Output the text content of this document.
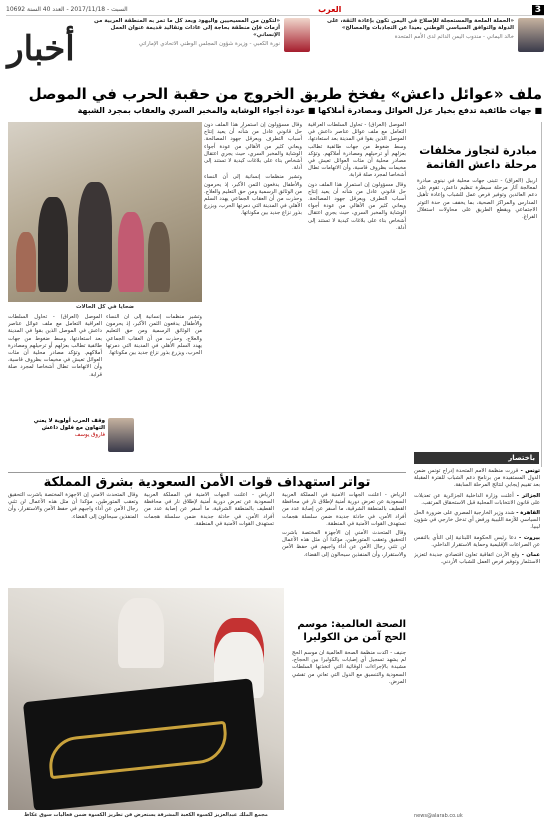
3
العرب
السبت - 2017/11/18 - العدد 40 السنة 10692
«الحملة الملحة والمستعجلة للإصلاح في اليمن تكون بإعادة الثقة، على الدولة والتوافق السياسي الوطني بعيدا عن التجاذبات والمصالح»
خالد اليماني - مندوب اليمن الدائم لدى الأمم المتحدة
«لتكون من المسيحيين واليهود وبعد كل ما تمر به المنطقة العربية من أزمات فإن منطقة بحاجة إلى عادات وتقاليد قديمة عنوان العمل الإنساني»
نورة الكعبي - وزيرة شؤون المجلس الوطني الاتحادي الإماراتي
أخبار
ملف «عوائل داعش» يفخخ طريق الخروج من حقبة الحرب في الموصل
■ جهات طائفية تدفع بخيار عزل العوائل ومصادرة أملاكها ■ عودة أجواء الوشاية والمخبر السري والعقاب بمجرد الشبهة

الموصل (العراق) - تحاول السلطات العراقية التعامل مع ملف عوائل عناصر داعش في الموصل الذين بقوا في المدينة بعد استعادتها، وسط ضغوط من جهات طائفية تطالب بعزلهم أو ترحيلهم ومصادرة أملاكهم. وتؤكد مصادر محلية أن مئات العوائل تعيش في مخيمات بظروف قاسية، وأن الاتهامات تطال أشخاصا لمجرد صلة قرابة.

وقال مسؤولون إن استمرار هذا الملف دون حل قانوني عادل من شأنه أن يعيد إنتاج أسباب التطرف ويعرقل جهود المصالحة. ويعاني كثير من الأهالي من عودة أجواء الوشاية والمخبر السري، حيث يجري اعتقال أشخاص بناء على بلاغات كيدية لا تستند إلى أدلة.

وقال مسؤولون إن استمرار هذا الملف دون حل قانوني عادل من شأنه أن يعيد إنتاج أسباب التطرف ويعرقل جهود المصالحة. ويعاني كثير من الأهالي من عودة أجواء الوشاية والمخبر السري، حيث يجري اعتقال أشخاص بناء على بلاغات كيدية لا تستند إلى أدلة.

وتشير منظمات إنسانية إلى أن النساء والأطفال يدفعون الثمن الأكبر، إذ يحرمون من الوثائق الرسمية ومن حق التعليم والعلاج. وحذرت من أن العقاب الجماعي يهدد السلم الأهلي في المدينة التي دمرتها الحرب، ويزرع بذور نزاع جديد بين مكوناتها.

ضحايا في كل الحالات

وتشير منظمات إنسانية إلى أن النساء والأطفال يدفعون الثمن الأكبر، إذ يحرمون من الوثائق الرسمية ومن حق التعليم والعلاج. وحذرت من أن العقاب الجماعي يهدد السلم الأهلي في المدينة التي دمرتها الحرب، ويزرع بذور نزاع جديد بين مكوناتها.

الموصل (العراق) - تحاول السلطات العراقية التعامل مع ملف عوائل عناصر داعش في الموصل الذين بقوا في المدينة بعد استعادتها، وسط ضغوط من جهات طائفية تطالب بعزلهم أو ترحيلهم ومصادرة أملاكهم. وتؤكد مصادر محلية أن مئات العوائل تعيش في مخيمات بظروف قاسية، وأن الاتهامات تطال أشخاصا لمجرد صلة قرابة.

مبادرة لتجاوز مخلفات مرحلة داعش القاتمة

أربيل (العراق) - تتبنى جهات محلية في نينوى مبادرة لمعالجة آثار مرحلة سيطرة تنظيم داعش، تقوم على دعم العائدين وتوفير فرص عمل للشباب وإعادة تأهيل المدارس والمراكز الصحية، بما يخفف من حدة التوتر الاجتماعي ويقطع الطريق على محاولات استغلال الفراغ.

باختصار
وقف الحرب أولوية لا يعني التهاون مع فلول داعش
فاروق يوسف
تواتر استهداف قوات الأمن السعودية بشرق المملكة

وقال المتحدث الأمني إن الأجهزة المختصة باشرت التحقيق وتعقب المتورطين، مؤكدا أن مثل هذه الأعمال لن تثني رجال الأمن عن أداء واجبهم في حفظ الأمن والاستقرار، وأن المنفذين سيحالون إلى القضاء.

الرياض - أعلنت الجهات الأمنية في المملكة العربية السعودية عن تعرض دورية أمنية لإطلاق نار في محافظة القطيف بالمنطقة الشرقية، ما أسفر عن إصابة عدد من أفراد الأمن، في حادثة جديدة ضمن سلسلة هجمات تستهدف القوات الأمنية في المنطقة.

الرياض - أعلنت الجهات الأمنية في المملكة العربية السعودية عن تعرض دورية أمنية لإطلاق نار في محافظة القطيف بالمنطقة الشرقية، ما أسفر عن إصابة عدد من أفراد الأمن، في حادثة جديدة ضمن سلسلة هجمات تستهدف القوات الأمنية في المنطقة.

وقال المتحدث الأمني إن الأجهزة المختصة باشرت التحقيق وتعقب المتورطين، مؤكدا أن مثل هذه الأعمال لن تثني رجال الأمن عن أداء واجبهم في حفظ الأمن والاستقرار، وأن المنفذين سيحالون إلى القضاء.

مجمع الملك عبدالعزيز لكسوة الكعبة المشرفة يستعرض فن تطريز الكسوة ضمن فعاليات سوق عكاظ
الصحة العالمية: موسم الحج آمن من الكوليرا

جنيف - أكدت منظمة الصحة العالمية أن موسم الحج لم يشهد تسجيل أي إصابات بالكوليرا بين الحجاج، مشيدة بالإجراءات الوقائية التي اتخذتها السلطات السعودية والتنسيق مع الدول التي تعاني من تفشي المرض.

تونس - قررت منظمة الأمم المتحدة إدراج تونس ضمن الدول المستفيدة من برنامج دعم الشباب للفترة المقبلة بعد تقييم إيجابي لنتائج المرحلة السابقة.

الجزائر - أعلنت وزارة الداخلية الجزائرية عن تعديلات على قانون الانتخابات المحلية قبل الاستحقاق المرتقب.

القاهرة - شدد وزير الخارجية المصري على ضرورة الحل السياسي للأزمة الليبية ورفض أي تدخل خارجي في شؤون ليبيا.

بيروت - دعا رئيس الحكومة اللبنانية إلى النأي بالنفس عن الصراعات الإقليمية وحماية الاستقرار الداخلي.

عمان - وقع الأردن اتفاقية تعاون اقتصادي جديدة لتعزيز الاستثمار وتوفير فرص العمل للشباب الأردني.

news@alarab.co.uk
